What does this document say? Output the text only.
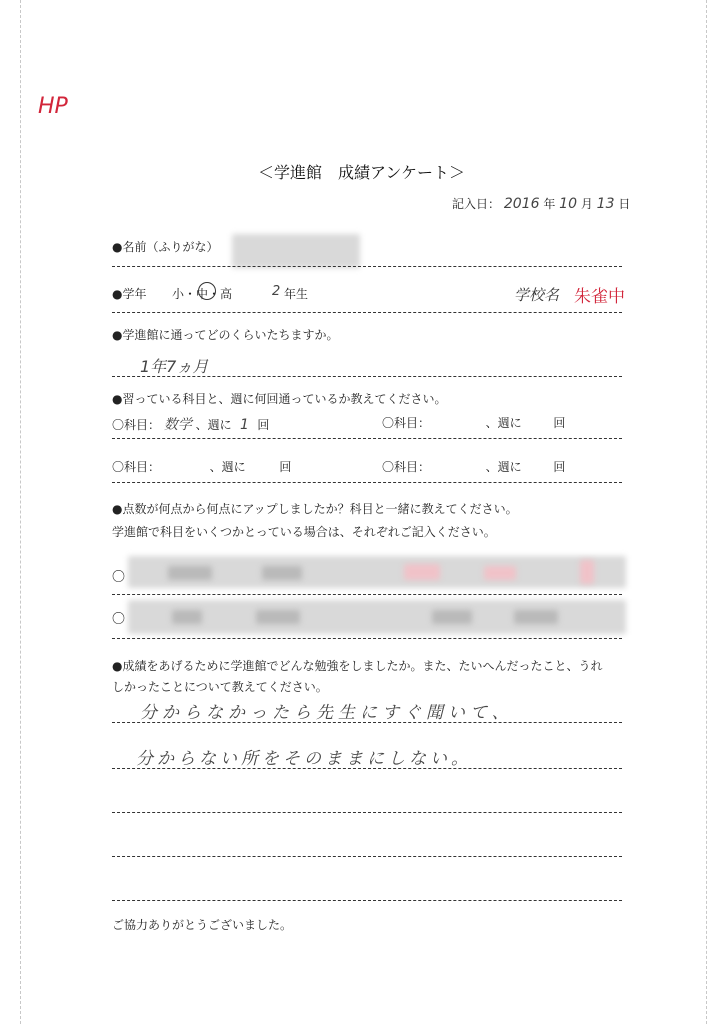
HP
＜学進館　成績アンケート＞
記入日： 2016 年 10 月 13 日
●名前（ふりがな）
●学年 小・中・高	2 年生	学校名 朱雀中
●学進館に通ってどのくらいたちますか。
1年7ヵ月
●習っている科目と、週に何回通っているか教えてください。
〇科目： 数学 、週に 1 回	〇科目：	、週に	回
〇科目：	、週に	回	〇科目：	、週に	回
●点数が何点から何点にアップしましたか？科目と一緒に教えてください。
学進館で科目をいくつかとっている場合は、それぞれご記入ください。
〇
〇
●成績をあげるために学進館でどんな勉強をしましたか。また、たいへんだったこと、うれ
しかったことについて教えてください。
分からなかったら先生にすぐ聞いて、
分からない所をそのままにしない。
ご協力ありがとうございました。
